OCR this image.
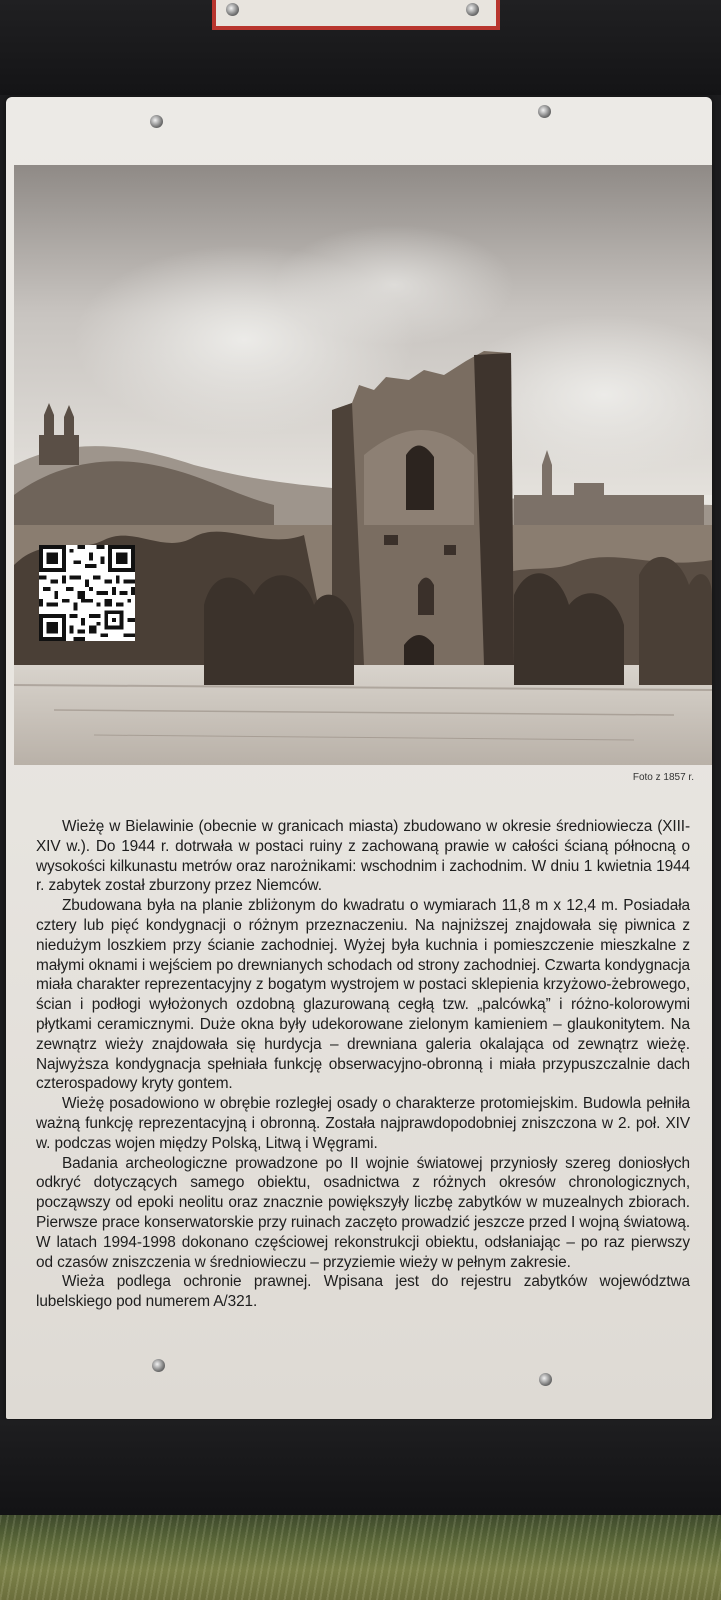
Foto z 1857 r.

Wieżę w Bielawinie (obecnie w granicach miasta) zbudowano w okresie średniowiecza (XIII-XIV w.). Do 1944 r. dotrwała w postaci ruiny z zachowaną prawie w całości ścianą północną o wysokości kilkunastu metrów oraz narożnikami: wschodnim i zachodnim. W dniu 1 kwietnia 1944 r. zabytek został zburzony przez Niemców.

Zbudowana była na planie zbliżonym do kwadratu o wymiarach 11,8 m x 12,4 m. Posiadała cztery lub pięć kondygnacji o różnym przeznaczeniu. Na najniższej znajdowała się piwnica z niedużym loszkiem przy ścianie zachodniej. Wyżej była kuchnia i pomieszczenie mieszkalne z małymi oknami i wejściem po drewnianych schodach od strony zachodniej. Czwarta kondygnacja miała charakter reprezentacyjny z bogatym wystrojem w postaci sklepienia krzyżowo-żebrowego, ścian i podłogi wyłożonych ozdobną glazurowaną cegłą tzw. „palcówką” i różno-kolorowymi płytkami ceramicznymi. Duże okna były udekorowane zielonym kamieniem – glaukonitytem. Na zewnątrz wieży znajdowała się hurdycja – drewniana galeria okalająca od zewnątrz wieżę. Najwyższa kondygnacja spełniała funkcję obserwacyjno-obronną i miała przypuszczalnie dach czterospadowy kryty gontem.

Wieżę posadowiono w obrębie rozległej osady o charakterze protomiejskim. Budowla pełniła ważną funkcję reprezentacyjną i obronną. Została najprawdopodobniej zniszczona w 2. poł. XIV w. podczas wojen między Polską, Litwą i Węgrami.

Badania archeologiczne prowadzone po II wojnie światowej przyniosły szereg doniosłych odkryć dotyczących samego obiektu, osadnictwa z różnych okresów chronologicznych, począwszy od epoki neolitu oraz znacznie powiększyły liczbę zabytków w muzealnych zbiorach. Pierwsze prace konserwatorskie przy ruinach zaczęto prowadzić jeszcze przed I wojną światową. W latach 1994-1998 dokonano częściowej rekonstrukcji obiektu, odsłaniając – po raz pierwszy od czasów zniszczenia w średniowieczu – przyziemie wieży w pełnym zakresie.

Wieża podlega ochronie prawnej. Wpisana jest do rejestru zabytków województwa lubelskiego pod numerem A/321.
